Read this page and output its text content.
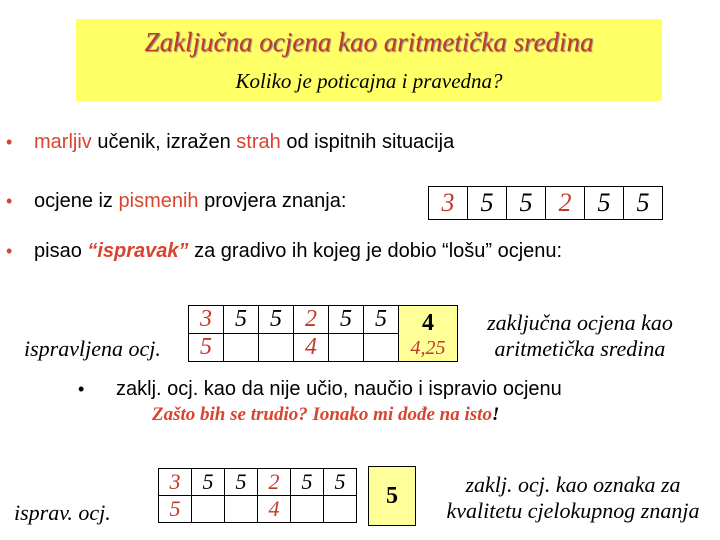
Zaključna ocjena kao aritmetička sredina
Koliko je poticajna i pravedna?
• marljiv učenik, izražen strah od ispitnih situacija
• ocjene iz pismenih provjera znanja:	3	5	5	2	5	5
• pisao “ispravak” za gradivo ih kojeg je dobio “lošu” ocjenu:
ispravljena ocj.
3	5	5	2	5	5	4
4,25

5			4			
zaključna ocjena kao
aritmetička sredina
• zaklj. ocj. kao da nije učio, naučio i ispravio ocjenu
Zašto bih se trudio? Ionako mi dođe na isto!
isprav. ocj.
3	5	5	2	5	5
5			4			5	zaklj. ocj. kao oznaka za
kvalitetu cjelokupnog znanja
